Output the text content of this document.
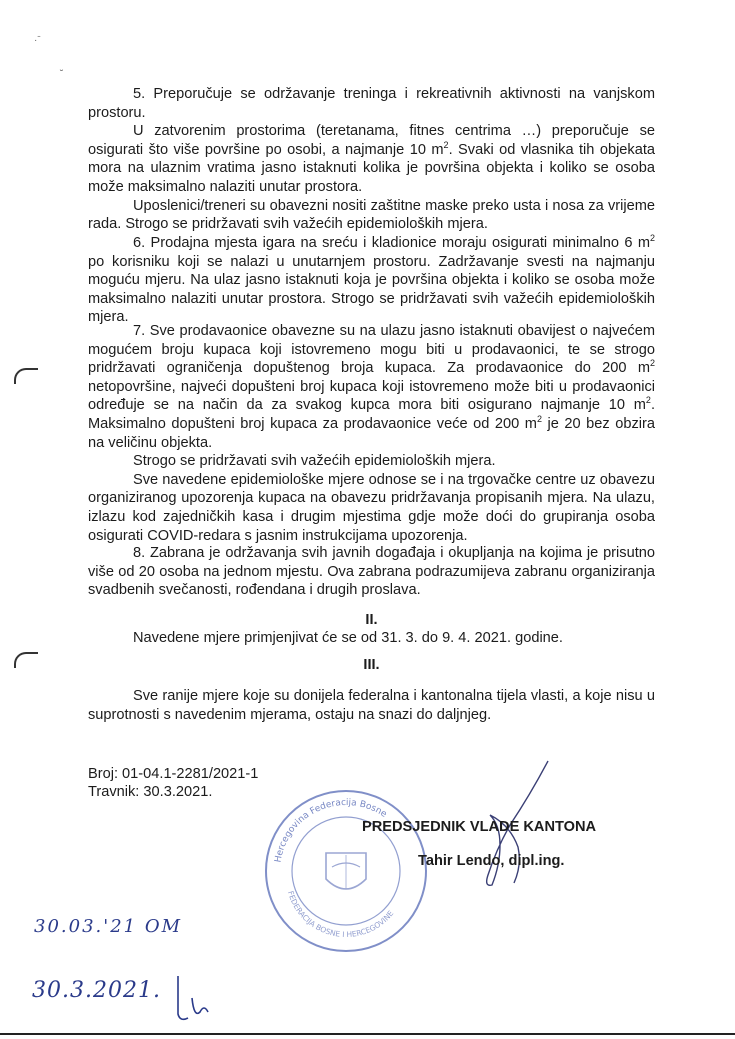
·ˉ
˘
5. Preporučuje se održavanje treninga i rekreativnih aktivnosti na vanjskom prostoru.
U zatvorenim prostorima (teretanama, fitnes centrima …) preporučuje se osigurati što više površine po osobi, a najmanje 10 $m^2$. Svaki od vlasnika tih objekata mora na ulaznim vratima jasno istaknuti kolika je površina objekta i koliko se osoba može maksimalno nalaziti unutar prostora.
Uposlenici/treneri su obavezni nositi zaštitne maske preko usta i nosa za vrijeme rada. Strogo se pridržavati svih važećih epidemioloških mjera.
6. Prodajna mjesta igara na sreću i kladionice moraju osigurati minimalno 6 $m^2$ po korisniku koji se nalazi u unutarnjem prostoru. Zadržavanje svesti na najmanju moguću mjeru. Na ulaz jasno istaknuti koja je površina objekta i koliko se osoba može maksimalno nalaziti unutar prostora. Strogo se pridržavati svih važećih epidemioloških mjera.
7. Sve prodavaonice obavezne su na ulazu jasno istaknuti obavijest o najvećem mogućem broju kupaca koji istovremeno mogu biti u prodavaonici, te se strogo pridržavati ograničenja dopuštenog broja kupaca. Za prodavaonice do 200 $m^2$ netopovršine, najveći dopušteni broj kupaca koji istovremeno može biti u prodavaonici određuje se na način da za svakog kupca mora biti osigurano najmanje 10 $m^2$. Maksimalno dopušteni broj kupaca za prodavaonice veće od 200 $m^2$ je 20 bez obzira na veličinu objekta.
Strogo se pridržavati svih važećih epidemioloških mjera.
Sve navedene epidemiološke mjere odnose se i na trgovačke centre uz obavezu organiziranog upozorenja kupaca na obavezu pridržavanja propisanih mjera. Na ulazu, izlazu kod zajedničkih kasa i drugim mjestima gdje može doći do grupiranja osoba osigurati COVID-redara s jasnim instrukcijama upozorenja.
8. Zabrana je održavanja svih javnih događaja i okupljanja na kojima je prisutno više od 20 osoba na jednom mjestu. Ova zabrana podrazumijeva zabranu organiziranja svadbenih svečanosti, rođendana i drugih proslava.
II.
Navedene mjere primjenjivat će se od 31. 3. do 9. 4. 2021. godine.
III.
Sve ranije mjere koje su donijela federalna i kantonalna tijela vlasti, a koje nisu u suprotnosti s navedenim mjerama, ostaju na snazi do daljnjeg.
Broj: 01-04.1-2281/2021-1
Travnik: 30.3.2021.
Hercegovina Federacija Bosne
FEDERACIJA BOSNE I HERCEGOVINE
PREDSJEDNIK VLADE KANTONA
Tahir Lendo, dipl.ing.
30.03.'21 OM
30.3.2021.
